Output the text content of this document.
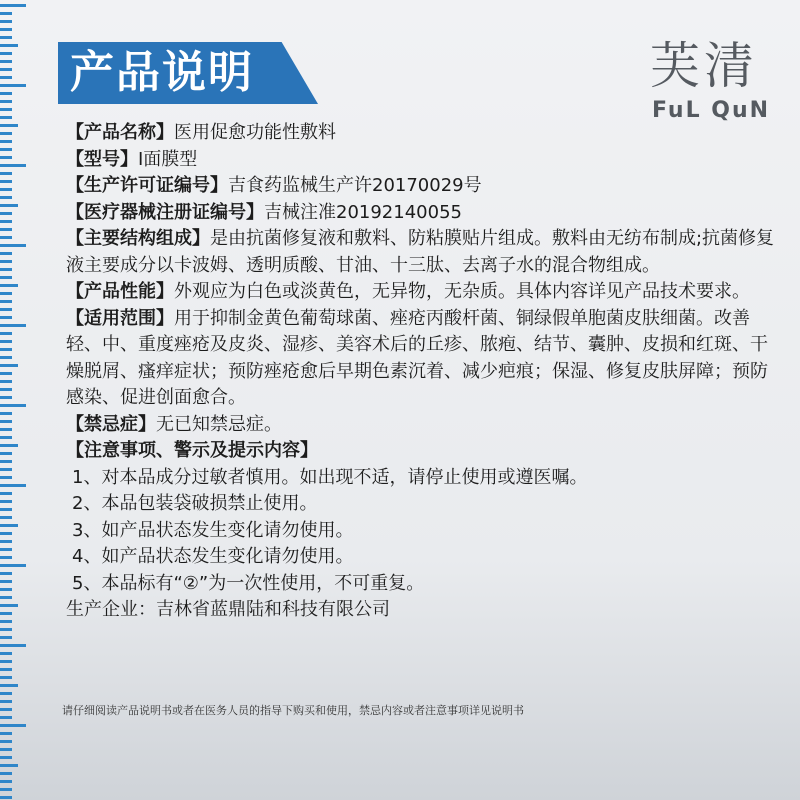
产品说明	芙清
FuL QuN

【产品名称】医用促愈功能性敷料

【型号】I面膜型

【生产许可证编号】吉食药监械生产许20170029号

【医疗器械注册证编号】吉械注准20192140055

【主要结构组成】是由抗菌修复液和敷料、防粘膜贴片组成。敷料由无纺布制成;抗菌修复液主要成分以卡波姆、透明质酸、甘油、十三肽、去离子水的混合物组成。

【产品性能】外观应为白色或淡黄色，无异物，无杂质。具体内容详见产品技术要求。

【适用范围】用于抑制金黄色葡萄球菌、痤疮丙酸杆菌、铜绿假单胞菌皮肤细菌。改善轻、中、重度痤疮及皮炎、湿疹、美容术后的丘疹、脓疱、结节、囊肿、皮损和红斑、干燥脱屑、瘙痒症状；预防痤疮愈后早期色素沉着、减少疤痕；保湿、修复皮肤屏障；预防感染、促进创面愈合。

【禁忌症】无已知禁忌症。

【注意事项、警示及提示内容】

1、对本品成分过敏者慎用。如出现不适，请停止使用或遵医嘱。

2、本品包装袋破损禁止使用。

3、如产品状态发生变化请勿使用。

4、如产品状态发生变化请勿使用。

5、本品标有“②”为一次性使用，不可重复。

生产企业：吉林省蓝鼎陆和科技有限公司

请仔细阅读产品说明书或者在医务人员的指导下购买和使用，禁忌内容或者注意事项详见说明书
